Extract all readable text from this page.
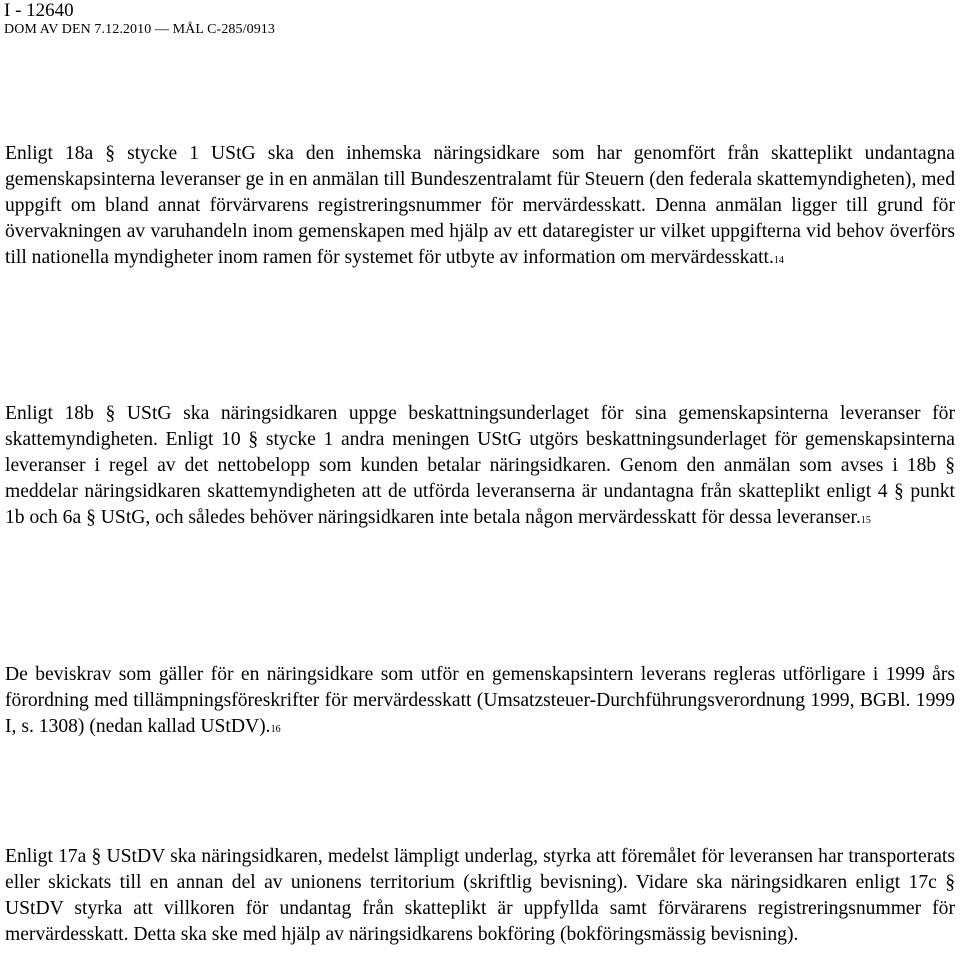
I - 12640
DOM AV DEN 7.12.2010 — MÅL C-285/0913

Enligt 18a § stycke 1 UStG ska den inhemska näringsidkare som har genomfört från skatteplikt undantagna gemenskapsinterna leveranser ge in en anmälan till Bundeszentralamt für Steuern (den federala skattemyndigheten), med uppgift om bland annat förvärvarens registreringsnummer för mervärdesskatt. Denna anmälan ligger till grund för övervakningen av varuhandeln inom gemenskapen med hjälp av ett dataregister ur vilket uppgifterna vid behov överförs till nationella myndigheter inom ramen för systemet för utbyte av information om mervärdesskatt.14

Enligt 18b § UStG ska näringsidkaren uppge beskattningsunderlaget för sina gemenskapsinterna leveranser för skattemyndigheten. Enligt 10 § stycke 1 andra meningen UStG utgörs beskattningsunderlaget för gemenskapsinterna leveranser i regel av det nettobelopp som kunden betalar näringsidkaren. Genom den anmälan som avses i 18b § meddelar näringsidkaren skattemyndigheten att de utförda leveranserna är undantagna från skatteplikt enligt 4 § punkt 1b och 6a § UStG, och således behöver näringsidkaren inte betala någon mervärdesskatt för dessa leveranser.15

De beviskrav som gäller för en näringsidkare som utför en gemenskapsintern leverans regleras utförligare i 1999 års förordning med tillämpningsföreskrifter för mervärdesskatt (Umsatzsteuer-Durchführungsverordnung 1999, BGBl. 1999 I, s. 1308) (nedan kallad UStDV).16

Enligt 17a § UStDV ska näringsidkaren, medelst lämpligt underlag, styrka att föremålet för leveransen har transporterats eller skickats till en annan del av unionens territorium (skriftlig bevisning). Vidare ska näringsidkaren enligt 17c § UStDV styrka att villkoren för undantag från skatteplikt är uppfyllda samt förvärarens registreringsnummer för mervärdesskatt. Detta ska ske med hjälp av näringsidkarens bokföring (bokföringsmässig bevisning).
